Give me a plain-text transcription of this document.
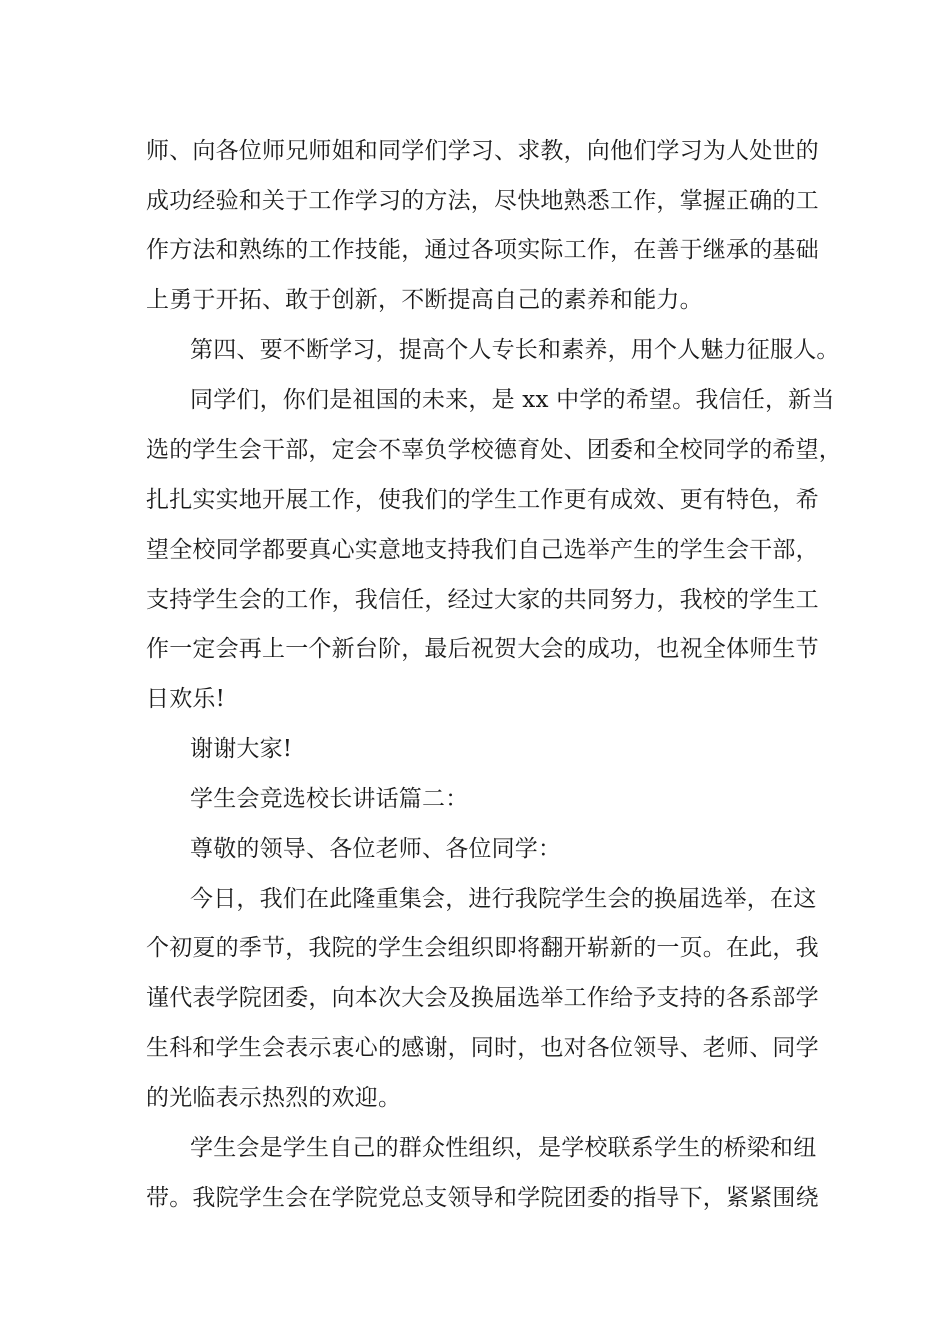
师、向各位师兄师姐和同学们学习、求教，向他们学习为人处世的
成功经验和关于工作学习的方法，尽快地熟悉工作，掌握正确的工
作方法和熟练的工作技能，通过各项实际工作，在善于继承的基础
上勇于开拓、敢于创新，不断提高自己的素养和能力。
第四、要不断学习，提高个人专长和素养，用个人魅力征服人。
同学们，你们是祖国的未来，是 xx 中学的希望。我信任，新当
选的学生会干部，定会不辜负学校德育处、团委和全校同学的希望，
扎扎实实地开展工作，使我们的学生工作更有成效、更有特色，希
望全校同学都要真心实意地支持我们自己选举产生的学生会干部，
支持学生会的工作，我信任，经过大家的共同努力，我校的学生工
作一定会再上一个新台阶，最后祝贺大会的成功，也祝全体师生节
日欢乐!
谢谢大家!
学生会竞选校长讲话篇二：
尊敬的领导、各位老师、各位同学：
今日，我们在此隆重集会，进行我院学生会的换届选举，在这
个初夏的季节，我院的学生会组织即将翻开崭新的一页。在此，我
谨代表学院团委，向本次大会及换届选举工作给予支持的各系部学
生科和学生会表示衷心的感谢，同时，也对各位领导、老师、同学
的光临表示热烈的欢迎。
学生会是学生自己的群众性组织，是学校联系学生的桥梁和纽
带。我院学生会在学院党总支领导和学院团委的指导下，紧紧围绕
